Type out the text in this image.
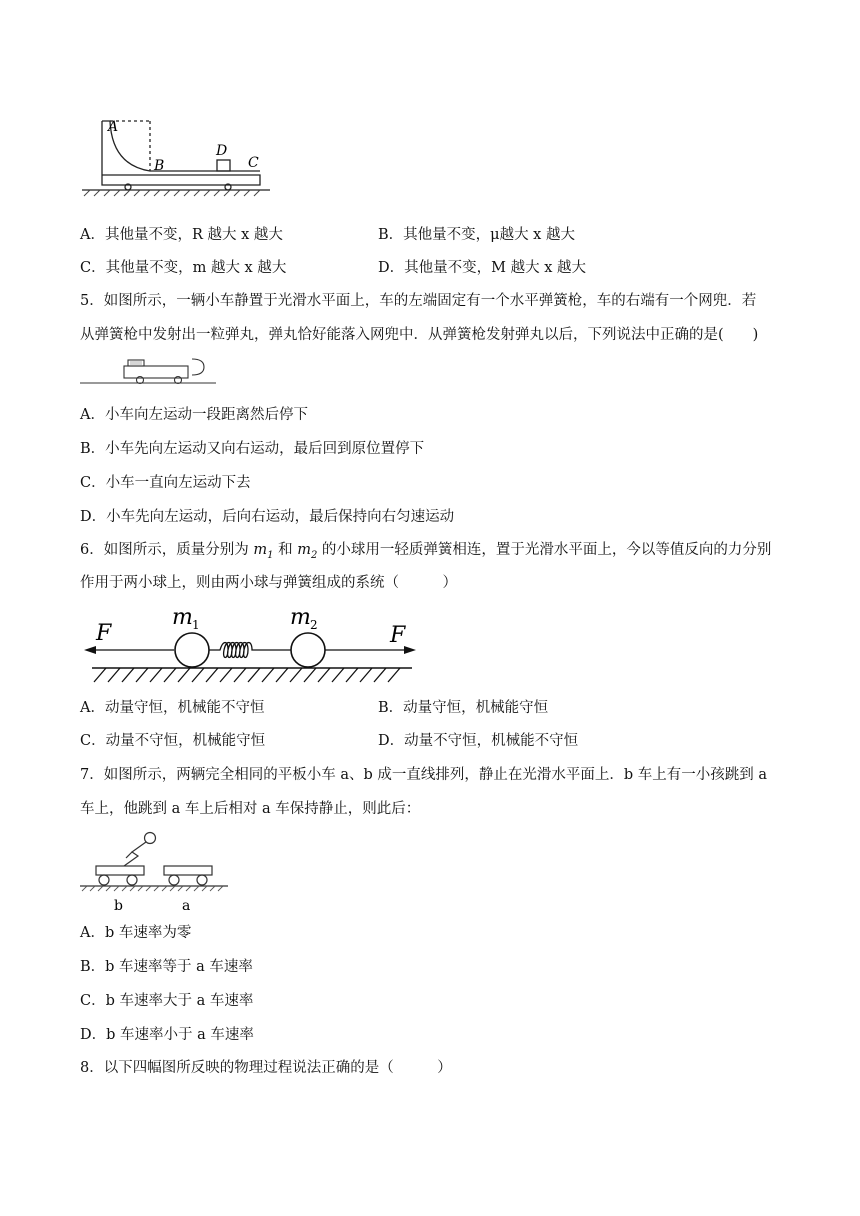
A
B
D
C
A．其他量不变，R 越大 x 越大	B．其他量不变，μ越大 x 越大
C．其他量不变，m 越大 x 越大	D．其他量不变，M 越大 x 越大
5．如图所示，一辆小车静置于光滑水平面上，车的左端固定有一个水平弹簧枪，车的右端有一个网兜．若
从弹簧枪中发射出一粒弹丸，弹丸恰好能落入网兜中．从弹簧枪发射弹丸以后，下列说法中正确的是(　　)
A．小车向左运动一段距离然后停下
B．小车先向左运动又向右运动，最后回到原位置停下
C．小车一直向左运动下去
D．小车先向左运动，后向右运动，最后保持向右匀速运动
6．如图所示，质量分别为 $m_1$ 和 $m_2$ 的小球用一轻质弹簧相连，置于光滑水平面上，今以等值反向的力分别
作用于两小球上，则由两小球与弹簧组成的系统（　　　）
F	F
m 1	m 2
A．动量守恒，机械能不守恒	B．动量守恒，机械能守恒
C．动量不守恒，机械能守恒	D．动量不守恒，机械能不守恒
7．如图所示，两辆完全相同的平板小车 a、b 成一直线排列，静止在光滑水平面上．b 车上有一小孩跳到 a
车上，他跳到 a 车上后相对 a 车保持静止，则此后：
b	a
A．b 车速率为零
B．b 车速率等于 a 车速率
C．b 车速率大于 a 车速率
D．b 车速率小于 a 车速率
8．以下四幅图所反映的物理过程说法正确的是（　　　）
